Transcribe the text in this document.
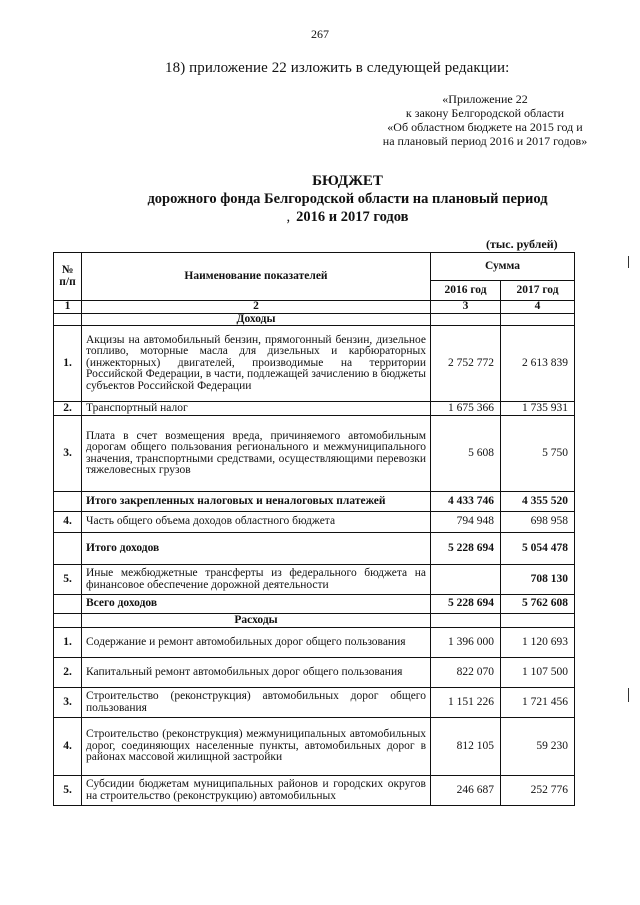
267
18) приложение 22 изложить в следующей редакции:
«Приложение 22
к закону Белгородской области
«Об областном бюджете на 2015 год и
на плановый период 2016 и 2017 годов»
БЮДЖЕТ
дорожного фонда Белгородской области на плановый период
, 2016 и 2017 годов
(тыс. рублей)
№ п/п	Наименование показателей	Сумма	
		2016 год	2017 год
1	2	3	4
	Доходы		
1.	Акцизы на автомобильный бензин, прямогонный бензин, дизельное топливо, моторные масла для дизельных и карбюраторных (инжекторных) двигателей, производимые на территории Российской Федерации, в части, подлежащей зачислению в бюджеты субъектов Российской Федерации	2 752 772	2 613 839
2.	Транспортный налог	1 675 366	1 735 931
3.	Плата в счет возмещения вреда, причиняемого автомобильным дорогам общего пользования регионального и межмуниципального значения, транспортными средствами, осуществляющими перевозки тяжеловесных грузов	5 608	5 750
	Итого закрепленных налоговых и неналоговых платежей	4 433 746	4 355 520
4.	Часть общего объема доходов областного бюджета	794 948	698 958
	Итого доходов	5 228 694	5 054 478
5.	Иные межбюджетные трансферты из федерального бюджета на финансовое обеспечение дорожной деятельности		708 130
	Всего доходов	5 228 694	5 762 608
	Расходы		
1.	Содержание и ремонт автомобильных дорог общего пользования	1 396 000	1 120 693
2.	Капитальный ремонт автомобильных дорог общего пользования	822 070	1 107 500
3.	Строительство (реконструкция) автомобильных дорог общего пользования	1 151 226	1 721 456
4.	Строительство (реконструкция) межмуниципальных автомобильных дорог, соединяющих населенные пункты, автомобильных дорог в районах массовой жилищной застройки	812 105	59 230
5.	Субсидии бюджетам муниципальных районов и городских округов на строительство (реконструкцию) автомобильных	246 687	252 776
